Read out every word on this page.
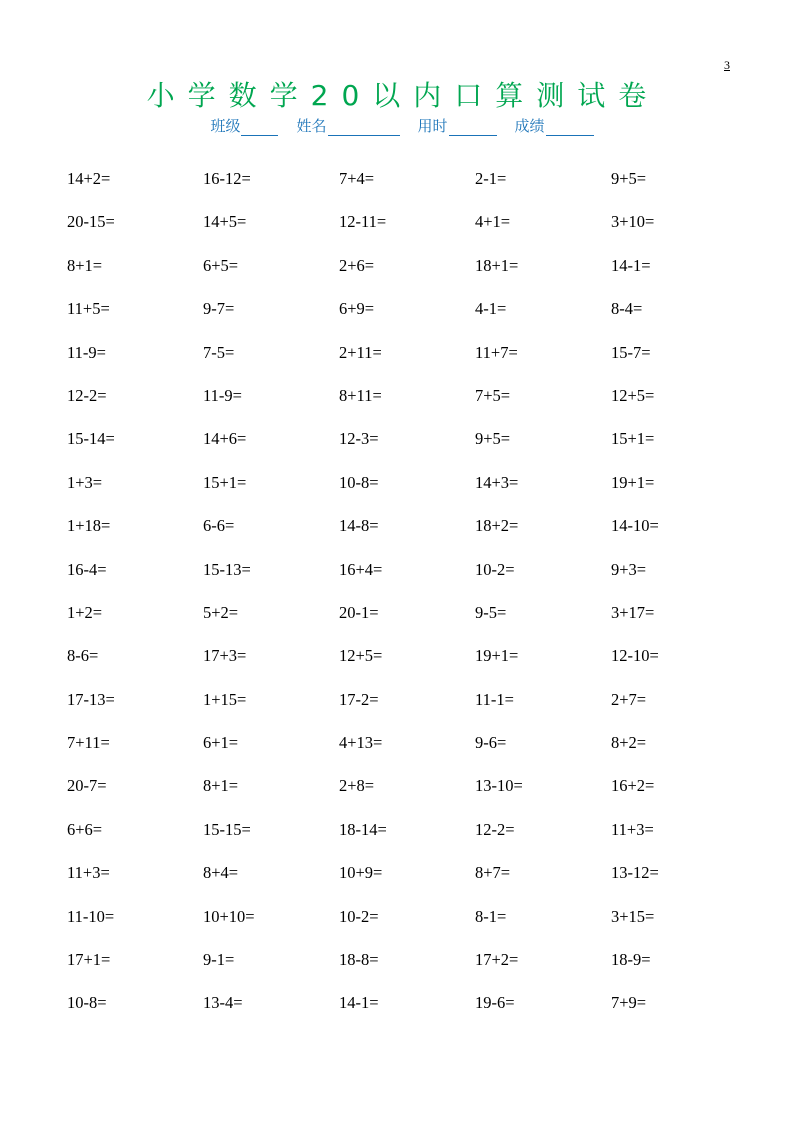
3
小学数学20以内口算测试卷
班级	姓名	用时	成绩
14+2=	16-12=	7+4=	2-1=	9+5=
20-15=	14+5=	12-11=	4+1=	3+10=
8+1=	6+5=	2+6=	18+1=	14-1=
11+5=	9-7=	6+9=	4-1=	8-4=
11-9=	7-5=	2+11=	11+7=	15-7=
12-2=	11-9=	8+11=	7+5=	12+5=
15-14=	14+6=	12-3=	9+5=	15+1=
1+3=	15+1=	10-8=	14+3=	19+1=
1+18=	6-6=	14-8=	18+2=	14-10=
16-4=	15-13=	16+4=	10-2=	9+3=
1+2=	5+2=	20-1=	9-5=	3+17=
8-6=	17+3=	12+5=	19+1=	12-10=
17-13=	1+15=	17-2=	11-1=	2+7=
7+11=	6+1=	4+13=	9-6=	8+2=
20-7=	8+1=	2+8=	13-10=	16+2=
6+6=	15-15=	18-14=	12-2=	11+3=
11+3=	8+4=	10+9=	8+7=	13-12=
11-10=	10+10=	10-2=	8-1=	3+15=
17+1=	9-1=	18-8=	17+2=	18-9=
10-8=	13-4=	14-1=	19-6=	7+9=
